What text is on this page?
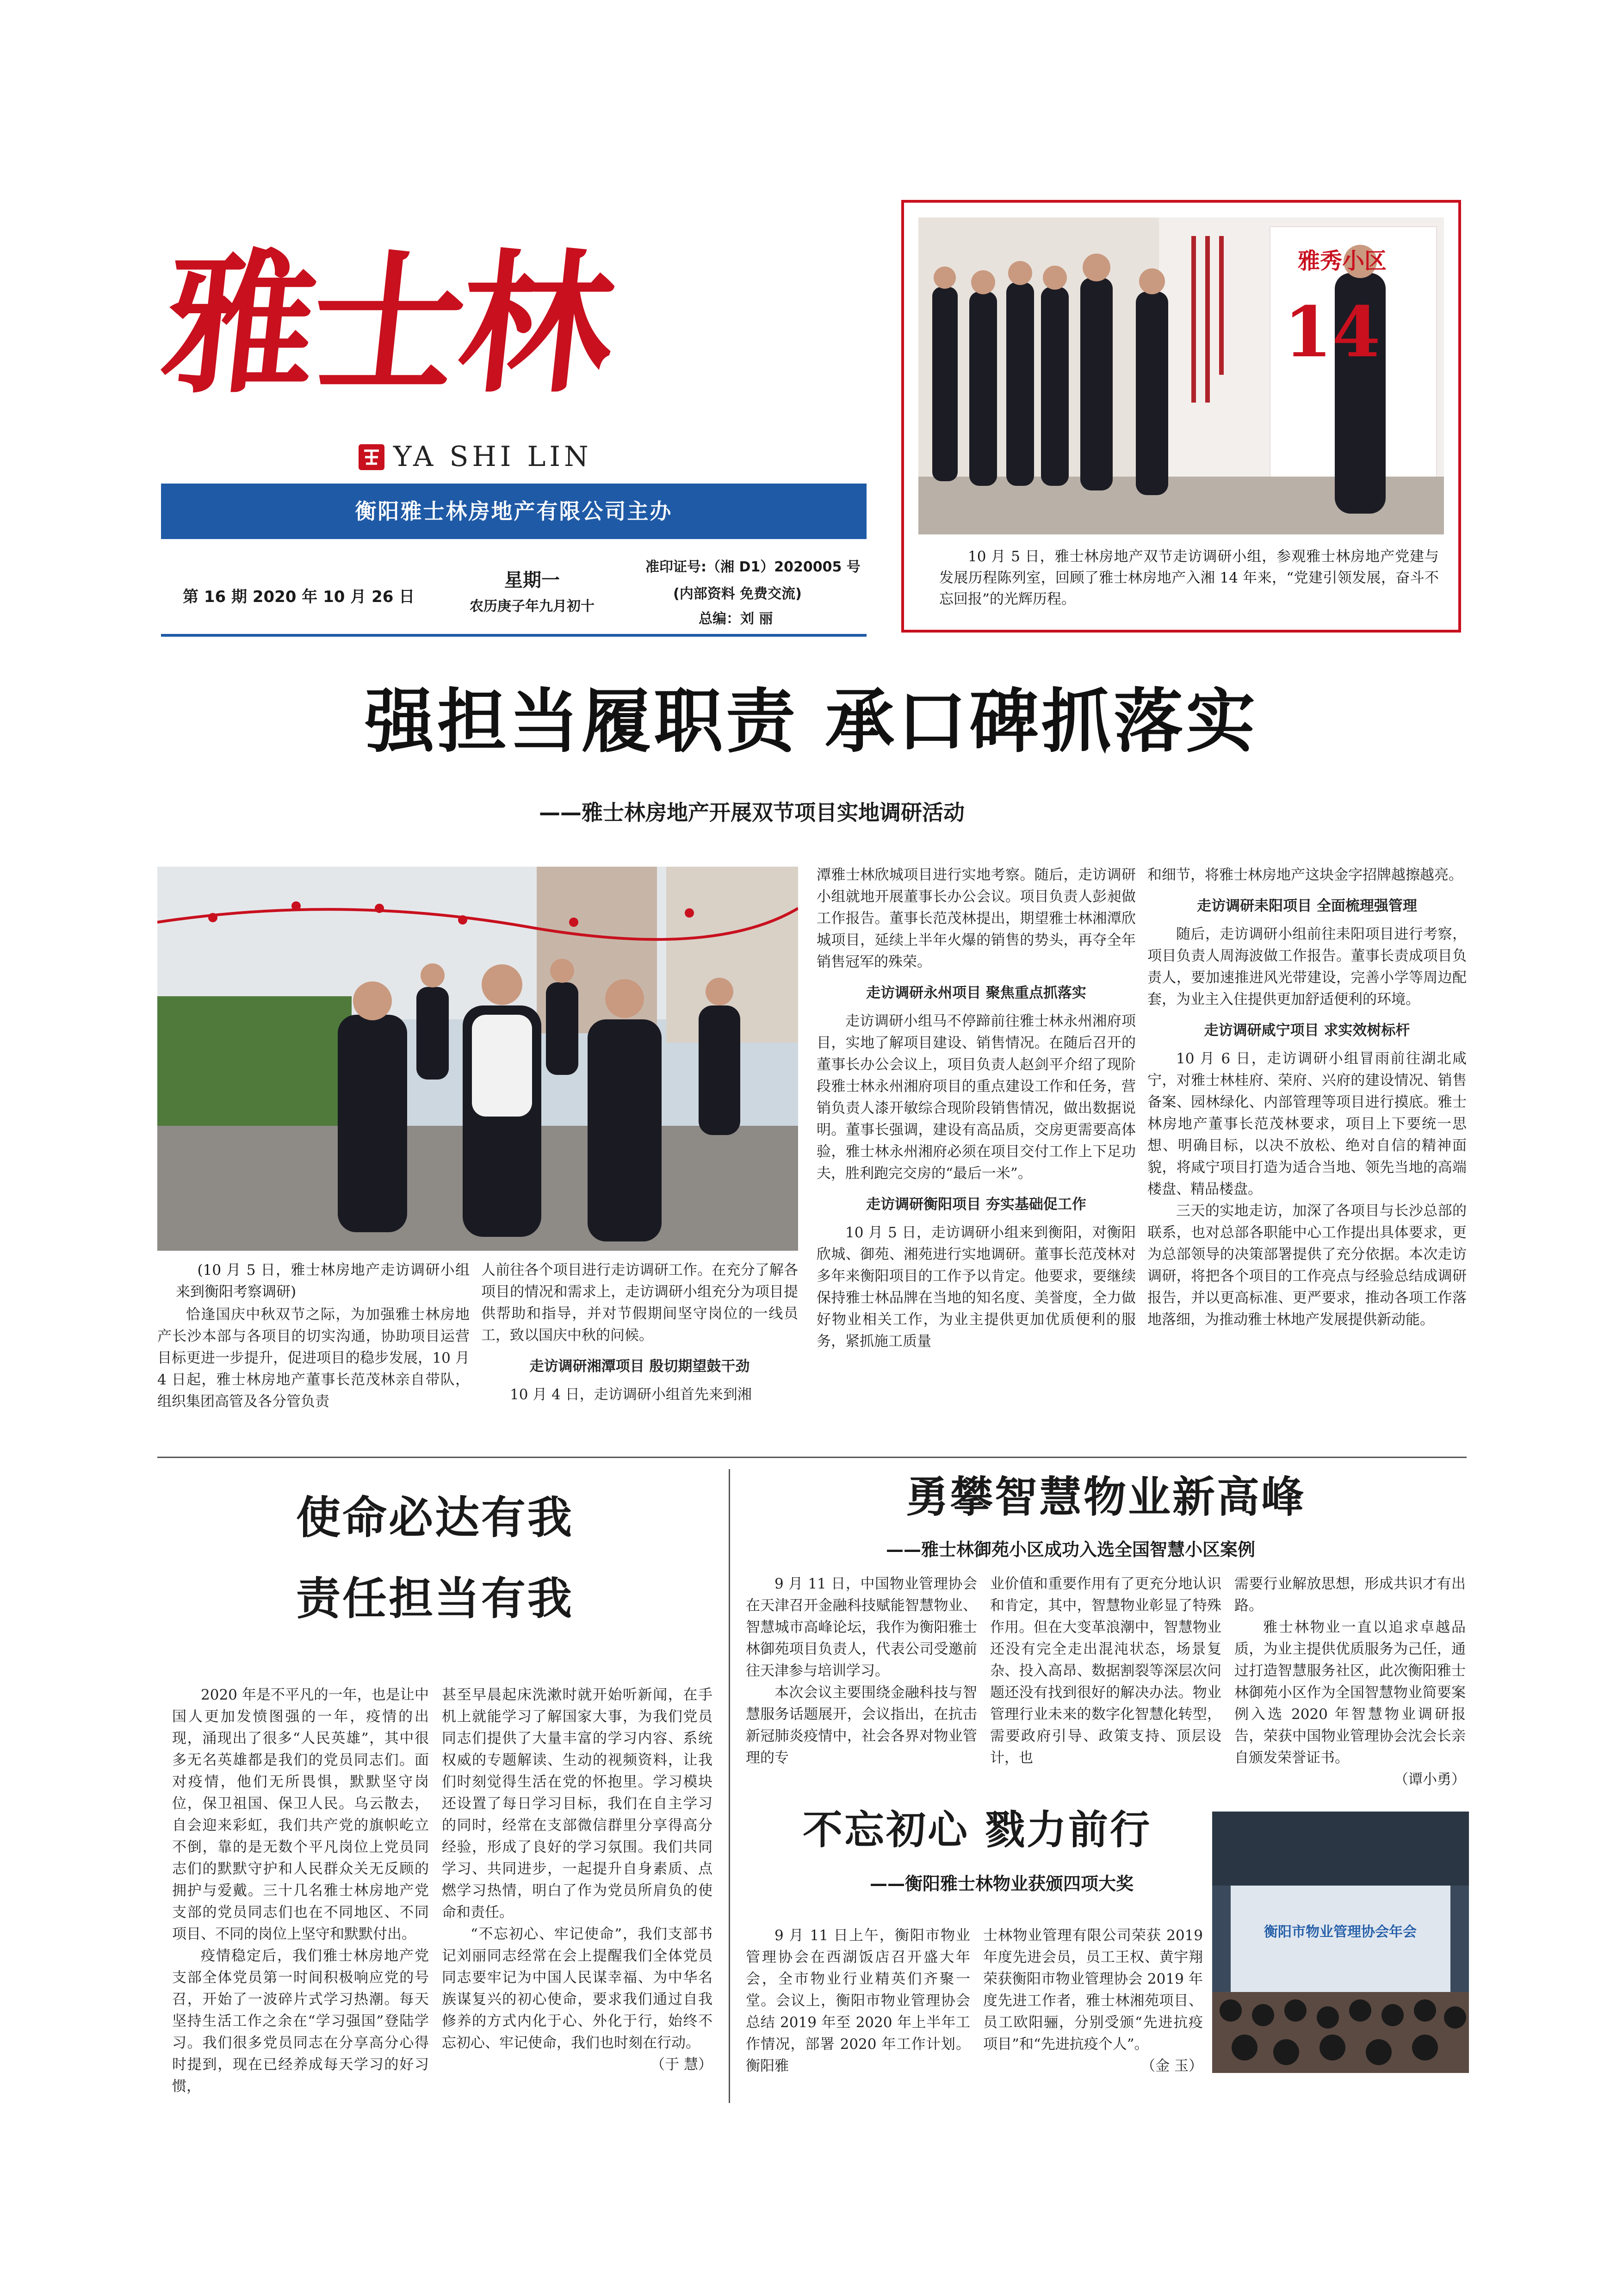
雅士林
YA SHI LIN
衡阳雅士林房地产有限公司主办
第 16 期 2020 年 10 月 26 日
星期一
农历庚子年九月初十
准印证号:（湘 D1）2020005 号
(内部资料 免费交流)
总编：刘 丽
雅秀小区
14
10 月 5 日，雅士林房地产双节走访调研小组，参观雅士林房地产党建与发展历程陈列室，回顾了雅士林房地产入湘 14 年来，“党建引领发展，奋斗不忘回报”的光辉历程。
强担当履职责 承口碑抓落实
——雅士林房地产开展双节项目实地调研活动
(10 月 5 日，雅士林房地产走访调研小组来到衡阳考察调研)

恰逢国庆中秋双节之际，为加强雅士林房地产长沙本部与各项目的切实沟通，协助项目运营目标更进一步提升，促进项目的稳步发展，10 月 4 日起，雅士林房地产董事长范茂林亲自带队，组织集团高管及各分管负责

人前往各个项目进行走访调研工作。在充分了解各项目的情况和需求上，走访调研小组充分为项目提供帮助和指导，并对节假期间坚守岗位的一线员工，致以国庆中秋的问候。

走访调研湘潭项目 殷切期望鼓干劲

10 月 4 日，走访调研小组首先来到湘

潭雅士林欣城项目进行实地考察。随后，走访调研小组就地开展董事长办公会议。项目负责人彭昶做工作报告。董事长范茂林提出，期望雅士林湘潭欣城项目，延续上半年火爆的销售的势头，再夺全年销售冠军的殊荣。

走访调研永州项目 聚焦重点抓落实

走访调研小组马不停蹄前往雅士林永州湘府项目，实地了解项目建设、销售情况。在随后召开的董事长办公会议上，项目负责人赵剑平介绍了现阶段雅士林永州湘府项目的重点建设工作和任务，营销负责人漆开敏综合现阶段销售情况，做出数据说明。董事长强调，建设有高品质，交房更需要高体验，雅士林永州湘府必须在项目交付工作上下足功夫，胜利跑完交房的“最后一米”。

走访调研衡阳项目 夯实基础促工作

10 月 5 日，走访调研小组来到衡阳，对衡阳欣城、御苑、湘苑进行实地调研。董事长范茂林对多年来衡阳项目的工作予以肯定。他要求，要继续保持雅士林品牌在当地的知名度、美誉度，全力做好物业相关工作，为业主提供更加优质便利的服务，紧抓施工质量

和细节，将雅士林房地产这块金字招牌越擦越亮。

走访调研耒阳项目 全面梳理强管理

随后，走访调研小组前往耒阳项目进行考察，项目负责人周海波做工作报告。董事长责成项目负责人，要加速推进风光带建设，完善小学等周边配套，为业主入住提供更加舒适便利的环境。

走访调研咸宁项目 求实效树标杆

10 月 6 日，走访调研小组冒雨前往湖北咸宁，对雅士林桂府、荣府、兴府的建设情况、销售备案、园林绿化、内部管理等项目进行摸底。雅士林房地产董事长范茂林要求，项目上下要统一思想、明确目标，以决不放松、绝对自信的精神面貌，将咸宁项目打造为适合当地、领先当地的高端楼盘、精品楼盘。

三天的实地走访，加深了各项目与长沙总部的联系，也对总部各职能中心工作提出具体要求，更为总部领导的决策部署提供了充分依据。本次走访调研，将把各个项目的工作亮点与经验总结成调研报告，并以更高标准、更严要求，推动各项工作落地落细，为推动雅士林地产发展提供新动能。

使命必达有我
责任担当有我

2020 年是不平凡的一年，也是让中国人更加发愤图强的一年，疫情的出现，涌现出了很多“人民英雄”，其中很多无名英雄都是我们的党员同志们。面对疫情，他们无所畏惧，默默坚守岗位，保卫祖国、保卫人民。乌云散去，自会迎来彩虹，我们共产党的旗帜屹立不倒，靠的是无数个平凡岗位上党员同志们的默默守护和人民群众关无反顾的拥护与爱戴。三十几名雅士林房地产党支部的党员同志们也在不同地区、不同项目、不同的岗位上坚守和默默付出。

疫情稳定后，我们雅士林房地产党支部全体党员第一时间积极响应党的号召，开始了一波碎片式学习热潮。每天坚持生活工作之余在“学习强国”登陆学习。我们很多党员同志在分享高分心得时提到，现在已经养成每天学习的好习惯，

甚至早晨起床洗漱时就开始听新闻，在手机上就能学习了解国家大事，为我们党员同志们提供了大量丰富的学习内容、系统权威的专题解读、生动的视频资料，让我们时刻觉得生活在党的怀抱里。学习模块还设置了每日学习目标，我们在自主学习的同时，经常在支部微信群里分享得高分经验，形成了良好的学习氛围。我们共同学习、共同进步，一起提升自身素质、点燃学习热情，明白了作为党员所肩负的使命和责任。

“不忘初心、牢记使命”，我们支部书记刘丽同志经常在会上提醒我们全体党员同志要牢记为中国人民谋幸福、为中华名族谋复兴的初心使命，要求我们通过自我修养的方式内化于心、外化于行，始终不忘初心、牢记使命，我们也时刻在行动。

（于 慧）

勇攀智慧物业新高峰
——雅士林御苑小区成功入选全国智慧小区案例

9 月 11 日，中国物业管理协会在天津召开金融科技赋能智慧物业、智慧城市高峰论坛，我作为衡阳雅士林御苑项目负责人，代表公司受邀前往天津参与培训学习。

本次会议主要围绕金融科技与智慧服务话题展开，会议指出，在抗击新冠肺炎疫情中，社会各界对物业管理的专

业价值和重要作用有了更充分地认识和肯定，其中，智慧物业彰显了特殊作用。但在大变革浪潮中，智慧物业还没有完全走出混沌状态，场景复杂、投入高昂、数据割裂等深层次问题还没有找到很好的解决办法。物业管理行业未来的数字化智慧化转型，需要政府引导、政策支持、顶层设计，也

需要行业解放思想，形成共识才有出路。

雅士林物业一直以追求卓越品质，为业主提供优质服务为己任，通过打造智慧服务社区，此次衡阳雅士林御苑小区作为全国智慧物业简要案例入选 2020 年智慧物业调研报告，荣获中国物业管理协会沈会长亲自颁发荣誉证书。

（谭小勇）

不忘初心 戮力前行
——衡阳雅士林物业获颁四项大奖
衡阳市物业管理协会年会

9 月 11 日上午，衡阳市物业管理协会在西湖饭店召开盛大年会，全市物业行业精英们齐聚一堂。会议上，衡阳市物业管理协会总结 2019 年至 2020 年上半年工作情况，部署 2020 年工作计划。衡阳雅

士林物业管理有限公司荣获 2019 年度先进会员，员工王权、黄宇翔荣获衡阳市物业管理协会 2019 年度先进工作者，雅士林湘苑项目、员工欧阳骊，分别受颁“先进抗疫项目”和“先进抗疫个人”。

（金 玉）
